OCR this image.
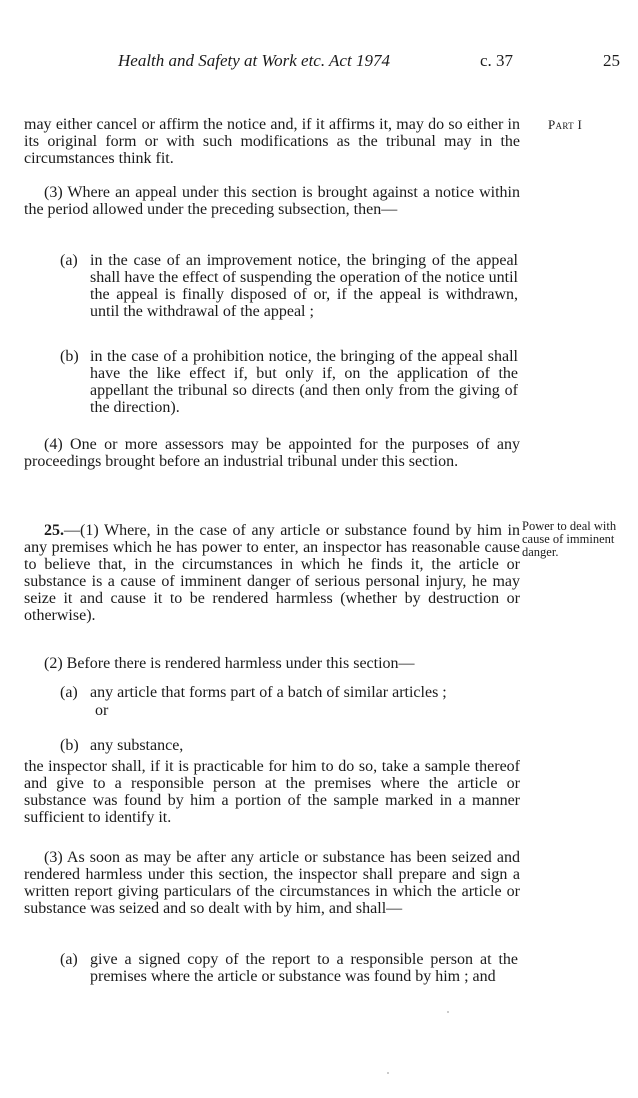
Health and Safety at Work etc. Act 1974	c. 37	25
Part I
may either cancel or affirm the notice and, if it affirms it, may do so either in its original form or with such modifications as the tribunal may in the circumstances think fit.
(3) Where an appeal under this section is brought against a notice within the period allowed under the preceding subsection, then—
(a) in the case of an improvement notice, the bringing of the appeal shall have the effect of suspending the operation of the notice until the appeal is finally disposed of or, if the appeal is withdrawn, until the withdrawal of the appeal ;
(b) in the case of a prohibition notice, the bringing of the appeal shall have the like effect if, but only if, on the application of the appellant the tribunal so directs (and then only from the giving of the direction).
(4) One or more assessors may be appointed for the purposes of any proceedings brought before an industrial tribunal under this section.
Power to deal with cause of imminent danger.
25.—(1) Where, in the case of any article or substance found by him in any premises which he has power to enter, an inspector has reasonable cause to believe that, in the circumstances in which he finds it, the article or substance is a cause of imminent danger of serious personal injury, he may seize it and cause it to be rendered harmless (whether by destruction or otherwise).
(2) Before there is rendered harmless under this section—
(a) any article that forms part of a batch of similar articles ;
or
(b) any substance,
the inspector shall, if it is practicable for him to do so, take a sample thereof and give to a responsible person at the premises where the article or substance was found by him a portion of the sample marked in a manner sufficient to identify it.
(3) As soon as may be after any article or substance has been seized and rendered harmless under this section, the inspector shall prepare and sign a written report giving particulars of the circumstances in which the article or substance was seized and so dealt with by him, and shall—
(a) give a signed copy of the report to a responsible person at the premises where the article or substance was found by him ; and
